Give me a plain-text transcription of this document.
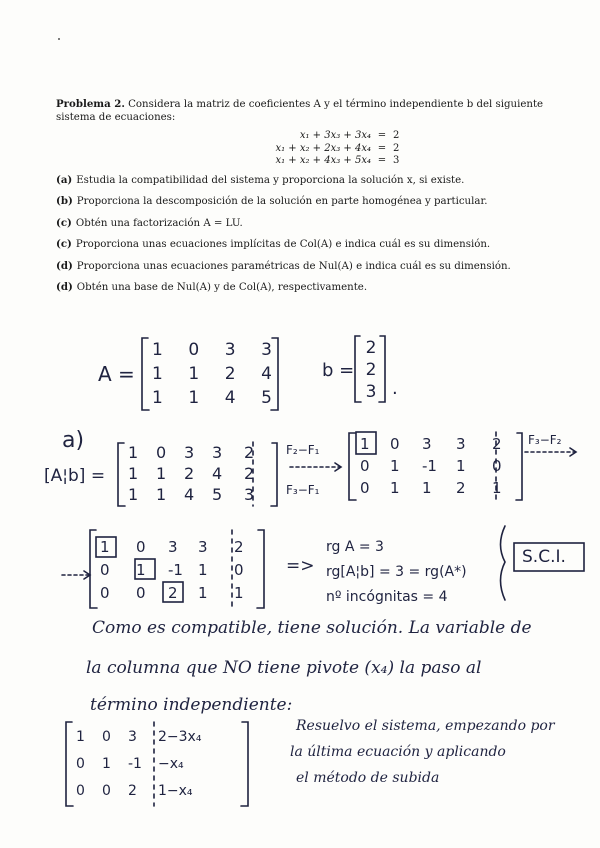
Problema 2. Considera la matriz de coeficientes A y el término independiente b del siguiente sistema de ecuaciones:

x₁ + 3x₃ + 3x₄ = 2
x₁ + x₂ + 2x₃ + 4x₄ = 2
x₁ + x₂ + 4x₃ + 5x₄ = 3
(a) Estudia la compatibilidad del sistema y proporciona la solución x, si existe.
(b) Proporciona la descomposición de la solución en parte homogénea y particular.
(c) Obtén una factorización A = LU.
(c) Proporciona unas ecuaciones implícitas de Col(A) e indica cuál es su dimensión.
(d) Proporciona unas ecuaciones paramétricas de Nul(A) e indica cuál es su dimensión.
(d) Obtén una base de Nul(A) y de Col(A), respectivamente.
A =
1 0 3 3
1 1 2 4
1 1 4 5
b =
2
2
3 .
a)
[A¦b] =
1	0	3	3	2
1	1	2	4	2
1	1	4	5	3
F₂−F₁
F₃−F₁
1	0	3	3	2
0	1	-1	1	0
0	1	1	2	1
F₃−F₂
1	0	3	3	2
0	1	-1	1	0
0	0	2	1	1
=>
rg A = 3
rg[A¦b] = 3 = rg(A*)
nº incógnitas = 4
S.C.I.
Como es compatible, tiene solución. La variable de
la columna que NO tiene pivote (x₄) la paso al
término independiente:
1	0	3	2−3x₄
0	1	-1	−x₄
0	0	2	1−x₄
Resuelvo el sistema, empezando por
la última ecuación y aplicando
el método de subida
